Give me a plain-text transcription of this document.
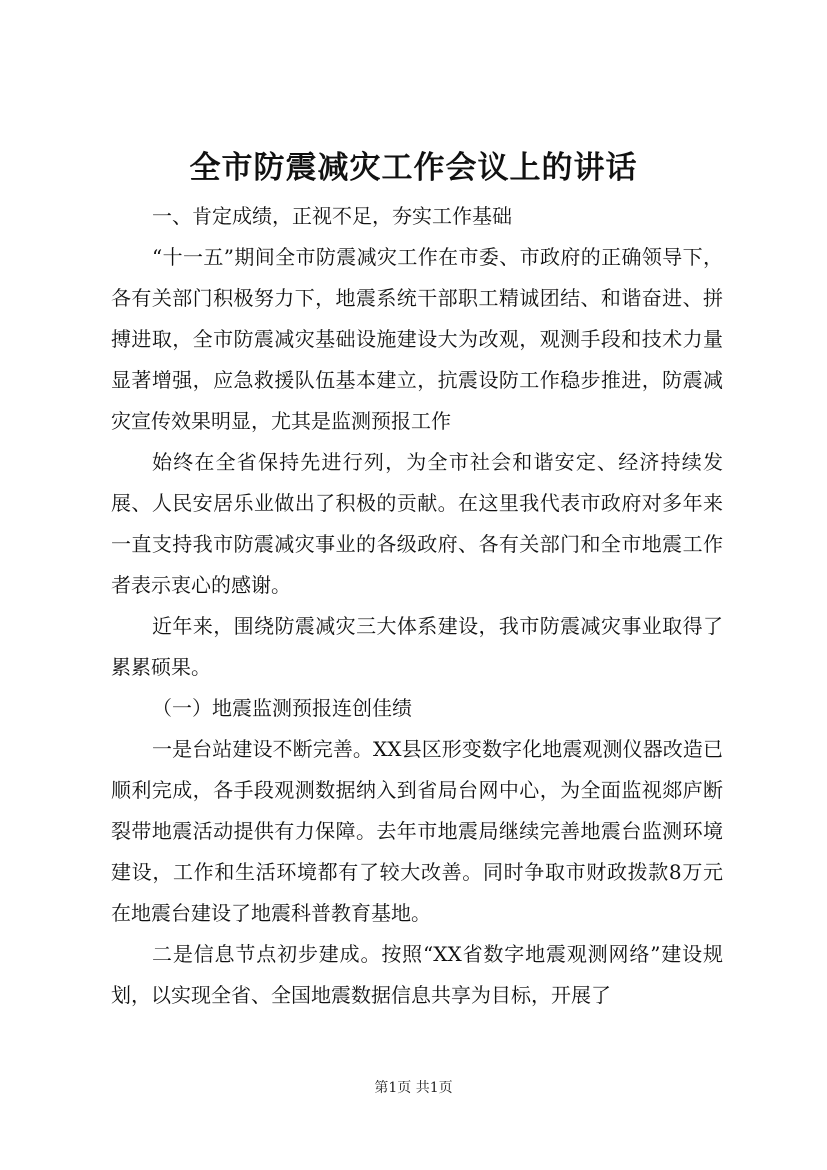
全市防震减灾工作会议上的讲话

一、肯定成绩，正视不足，夯实工作基础

“十一五”期间全市防震减灾工作在市委、市政府的正确领导下，各有关部门积极努力下，地震系统干部职工精诚团结、和谐奋进、拼搏进取，全市防震减灾基础设施建设大为改观，观测手段和技术力量显著增强，应急救援队伍基本建立，抗震设防工作稳步推进，防震减灾宣传效果明显，尤其是监测预报工作

始终在全省保持先进行列，为全市社会和谐安定、经济持续发展、人民安居乐业做出了积极的贡献。在这里我代表市政府对多年来一直支持我市防震减灾事业的各级政府、各有关部门和全市地震工作者表示衷心的感谢。

近年来，围绕防震减灾三大体系建设，我市防震减灾事业取得了累累硕果。

（一）地震监测预报连创佳绩

一是台站建设不断完善。XX县区形变数字化地震观测仪器改造已顺利完成，各手段观测数据纳入到省局台网中心，为全面监视郯庐断裂带地震活动提供有力保障。去年市地震局继续完善地震台监测环境建设，工作和生活环境都有了较大改善。同时争取市财政拨款8万元在地震台建设了地震科普教育基地。

二是信息节点初步建成。按照“XX省数字地震观测网络”建设规划，以实现全省、全国地震数据信息共享为目标，开展了

第1页 共1页
